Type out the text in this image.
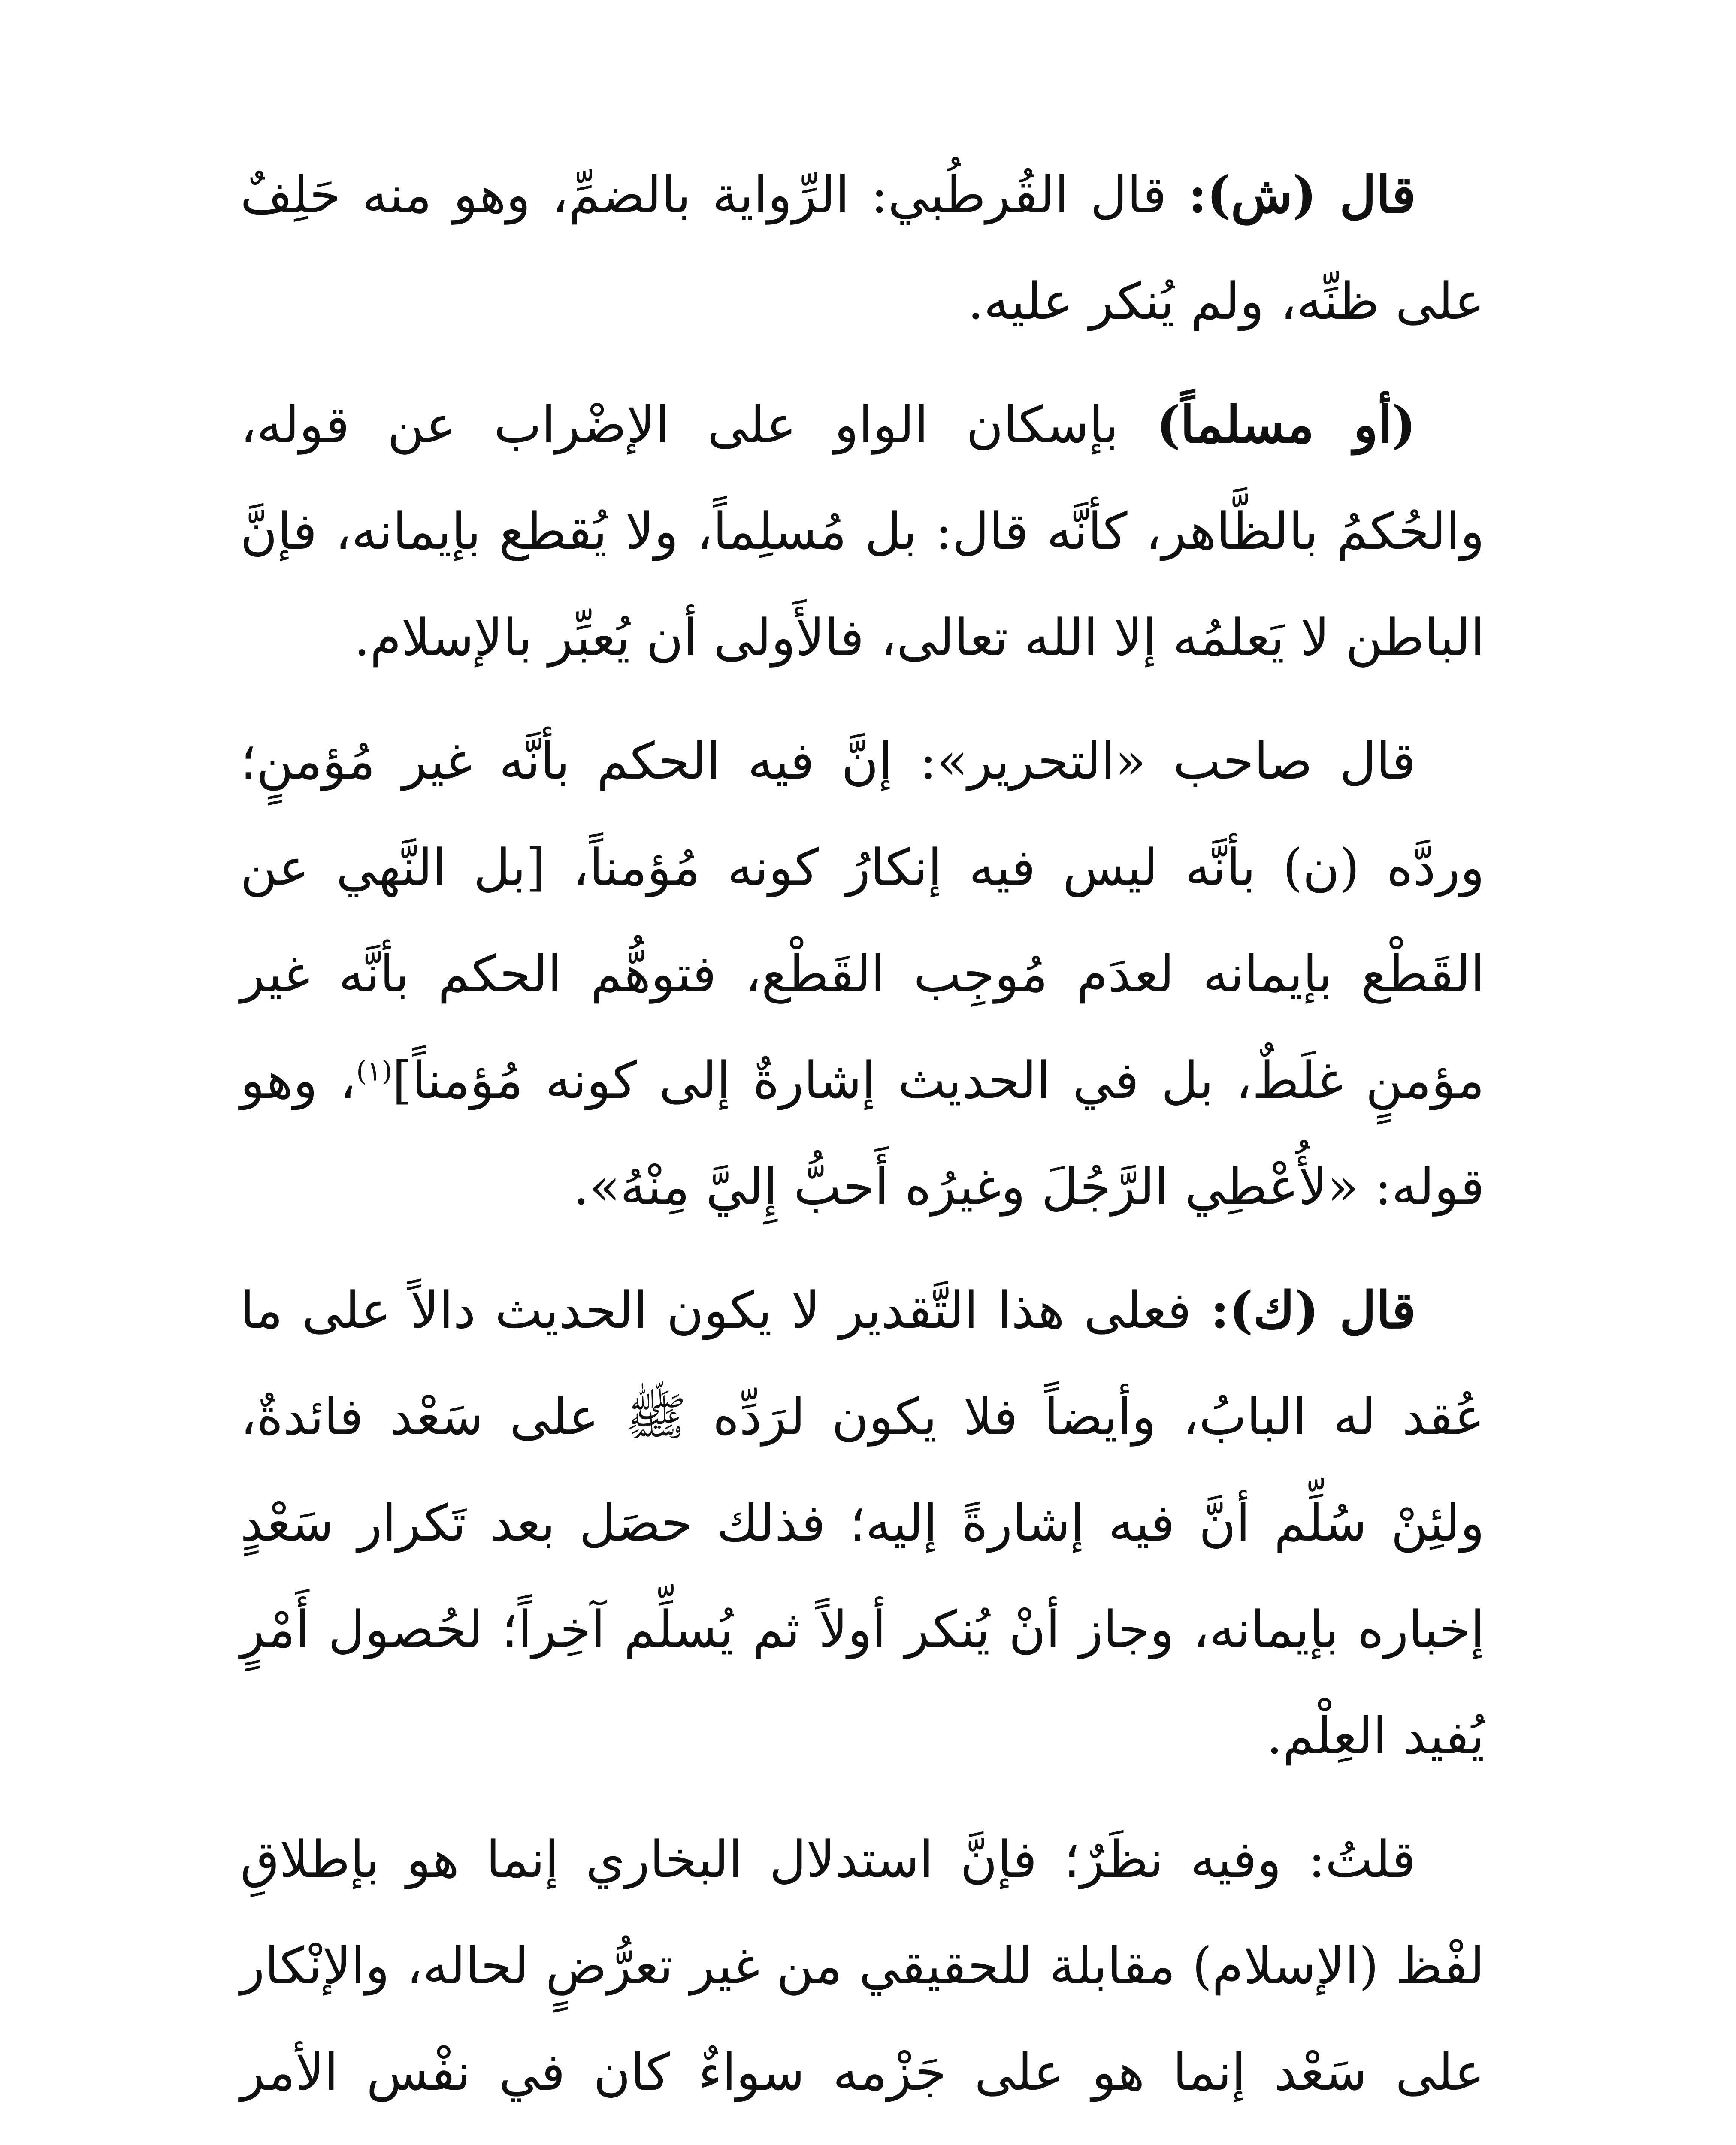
قال (ش): قال القُرطُبي: الرِّواية بالضمِّ، وهو منه حَلِفٌ على ظنِّه، ولم يُنكر عليه.

(أو مسلماً) بإسكان الواو على الإضْراب عن قوله، والحُكمُ بالظَّاهر، كأنَّه قال: بل مُسلِماً، ولا يُقطع بإيمانه، فإنَّ الباطن لا يَعلمُه إلا الله تعالى، فالأَولى أن يُعبِّر بالإسلام.

قال صاحب «التحرير»: إنَّ فيه الحكم بأنَّه غير مُؤمنٍ؛ وردَّه (ن) بأنَّه ليس فيه إنكارُ كونه مُؤمناً، [بل النَّهي عن القَطْع بإيمانه لعدَم مُوجِب القَطْع، فتوهُّم الحكم بأنَّه غير مؤمنٍ غلَطٌ، بل في الحديث إشارةٌ إلى كونه مُؤمناً]$^{(١)}$، وهو قوله: «لأُعْطِي الرَّجُلَ وغيرُه أَحبُّ إِليَّ مِنْهُ».

قال (ك): فعلى هذا التَّقدير لا يكون الحديث دالاً على ما عُقد له البابُ، وأيضاً فلا يكون لرَدِّه ﷺ على سَعْد فائدةٌ، ولئِنْ سُلِّم أنَّ فيه إشارةً إليه؛ فذلك حصَل بعد تَكرار سَعْدٍ إخباره بإيمانه، وجاز أنْ يُنكر أولاً ثم يُسلِّم آخِراً؛ لحُصول أَمْرٍ يُفيد العِلْم.

قلتُ: وفيه نظَرٌ؛ فإنَّ استدلال البخاري إنما هو بإطلاقِ لفْظ (الإسلام) مقابلة للحقيقي من غير تعرُّضٍ لحاله، والإنْكار على سَعْد إنما هو على جَزْمه سواءٌ كان في نفْس الأمر
